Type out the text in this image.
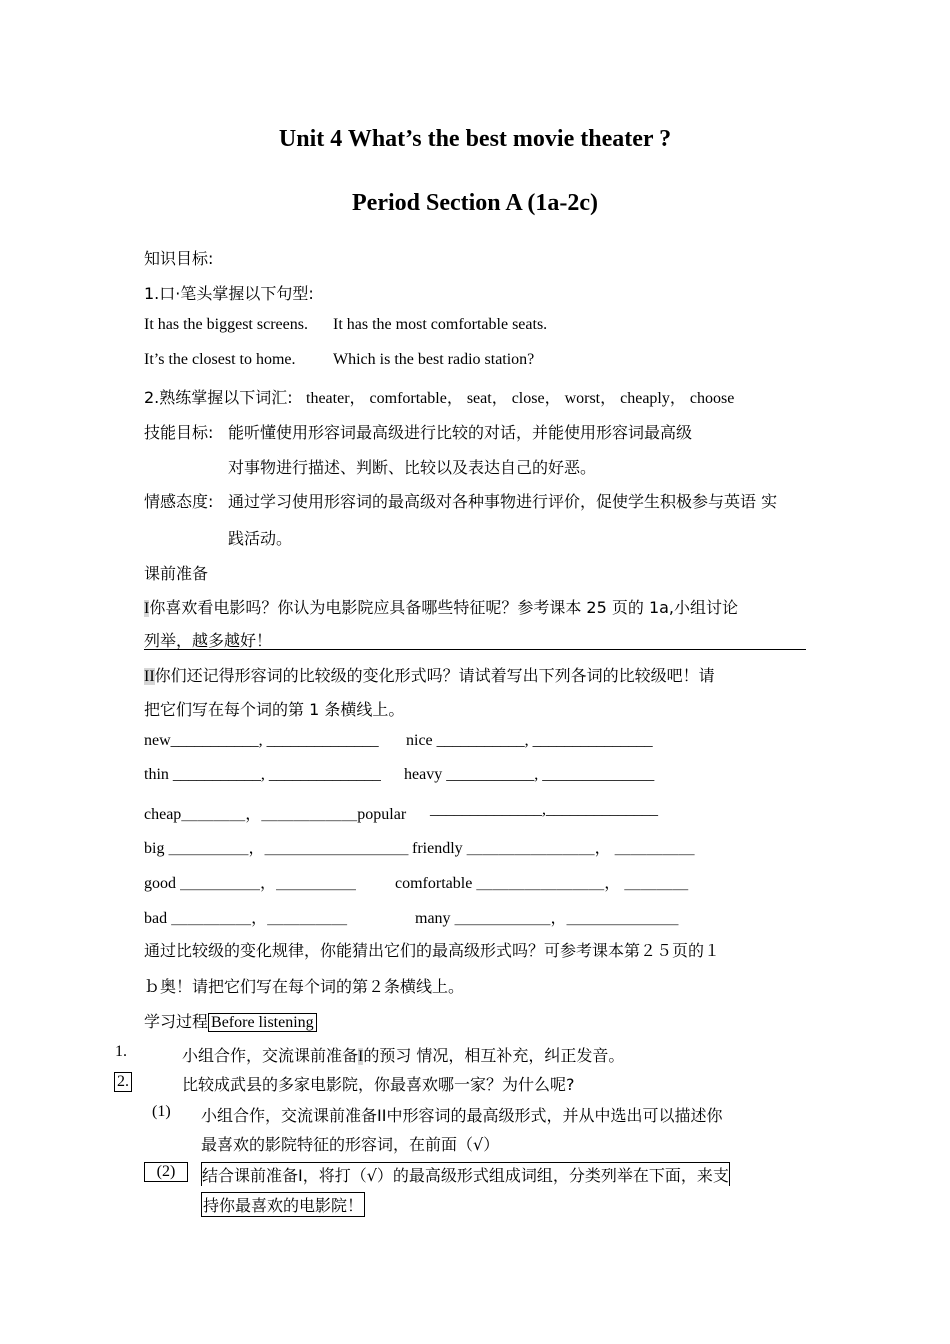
Unit 4 What’s the best movie theater ?
Period Section A (1a-2c)
知识目标:
1.口·笔头掌握以下句型:
It has the biggest screens. It has the most comfortable seats.
It’s the closest to home. Which is the best radio station?
2.熟练掌握以下词汇: theater， comfortable， seat， close， worst， cheaply， choose
技能目标: 能听懂使用形容词最高级进行比较的对话，并能使用形容词最高级
对事物进行描述、判断、比较以及表达自己的好恶。
情感态度: 通过学习使用形容词的最高级对各种事物进行评价，促使学生积极参与英语 实
践活动。
课前准备
I你喜欢看电影吗？你认为电影院应具备哪些特征呢？参考课本 25 页的 1a,小组讨论
列举，越多越好！
II你们还记得形容词的比较级的变化形式吗？请试着写出下列各词的比较级吧！请
把它们写在每个词的第 1 条横线上。
new___________, ______________ nice ___________, _______________
thin ___________, ______________ heavy ___________, ______________
cheap＿＿＿＿，＿＿＿＿＿＿popular ______________,______________
big ＿＿＿＿＿，＿＿＿＿＿＿＿＿＿ friendly ＿＿＿＿＿＿＿＿， ＿＿＿＿＿
good ＿＿＿＿＿，＿＿＿＿＿ comfortable ＿＿＿＿＿＿＿＿， ＿＿＿＿
bad ＿＿＿＿＿，＿＿＿＿＿	many ＿＿＿＿＿＿，＿＿＿＿＿＿＿
通过比较级的变化规律，你能猜出它们的最高级形式吗？可参考课本第２５页的１
ｂ奥！请把它们写在每个词的第２条横线上。
学习过程 Before listening
1.	小组合作，交流课前准备I的预习 情况，相互补充，纠正发音。
2.	比较成武县的多家电影院，你最喜欢哪一家？为什么呢?
(1) 小组合作，交流课前准备II中形容词的最高级形式，并从中选出可以描述你
最喜欢的影院特征的形容词，在前面（√）
(2)	结合课前准备I，将打（√）的最高级形式组成词组，分类列举在下面，来支
持你最喜欢的电影院！
